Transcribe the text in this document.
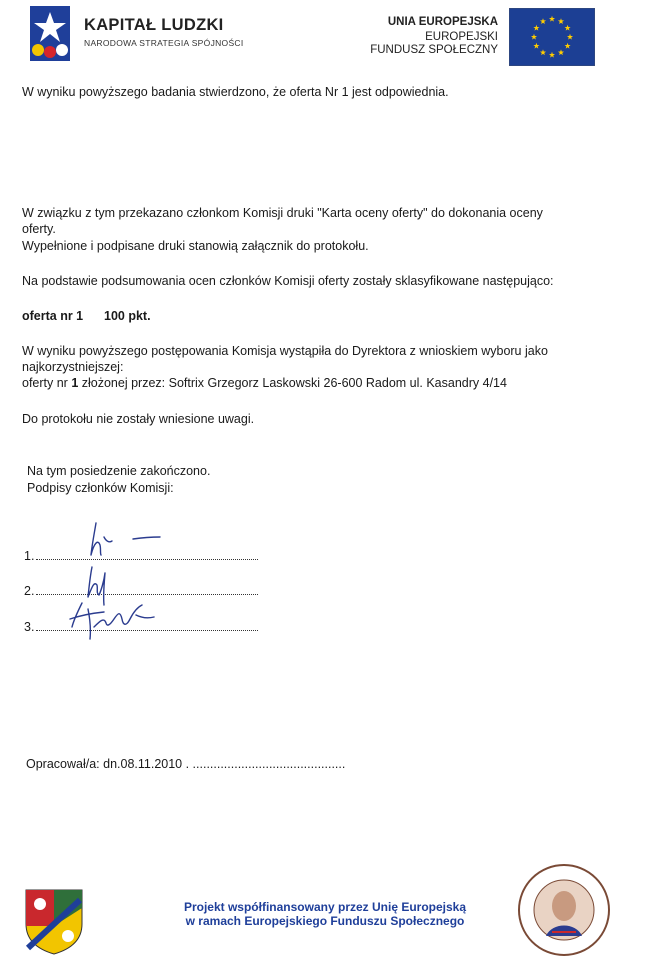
KAPITAŁ LUDZKI
NARODOWA STRATEGIA SPÓJNOŚCI
UNIA EUROPEJSKA
EUROPEJSKI
FUNDUSZ SPOŁECZNY
W wyniku powyższego badania stwierdzono, że oferta Nr 1 jest odpowiednia.
W związku z tym przekazano członkom Komisji druki "Karta oceny oferty" do dokonania oceny
oferty.
Wypełnione i podpisane druki stanowią załącznik do protokołu.
Na podstawie podsumowania ocen członków Komisji oferty zostały sklasyfikowane następująco:
oferta nr 1 100 pkt.
W wyniku powyższego postępowania Komisja wystąpiła do Dyrektora z wnioskiem wyboru jako
najkorzystniejszej:
oferty nr 1 złożonej przez: Softrix Grzegorz Laskowski 26-600 Radom ul. Kasandry 4/14
Do protokołu nie zostały wniesione uwagi.
Na tym posiedzenie zakończono.
Podpisy członków Komisji:
1.
2.
3.
Opracował/a: dn.08.11.2010 . ............................................
Projekt współfinansowany przez Unię Europejską
w ramach Europejskiego Funduszu Społecznego
